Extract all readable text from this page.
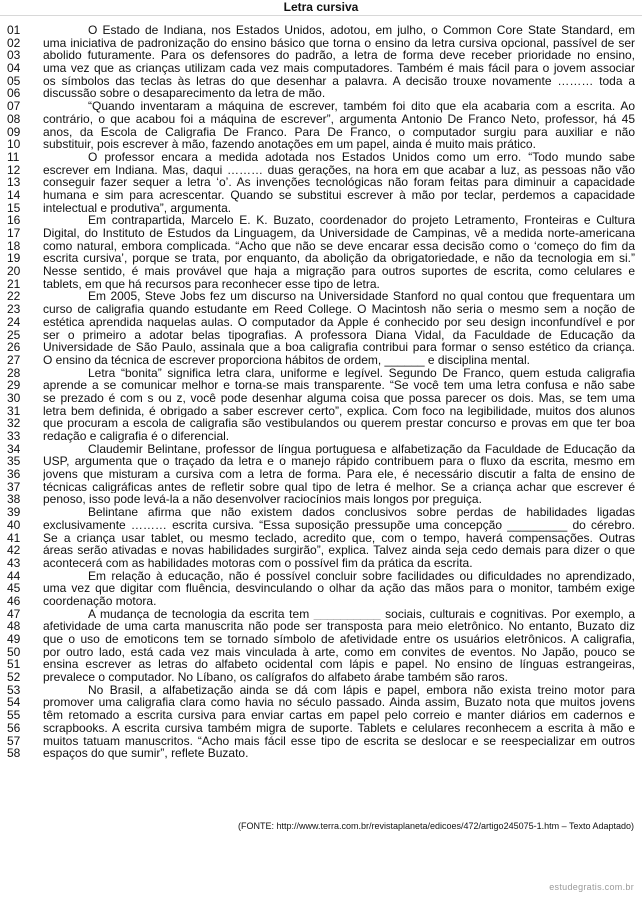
Letra cursiva
01	O Estado de Indiana, nos Estados Unidos, adotou, em julho, o Common Core State Standard, em
02	uma iniciativa de padronização do ensino básico que torna o ensino da letra cursiva opcional, passível de ser
03	abolido futuramente. Para os defensores do padrão, a letra de forma deve receber prioridade no ensino,
04	uma vez que as crianças utilizam cada vez mais computadores. Também é mais fácil para o jovem associar
05	os símbolos das teclas às letras do que desenhar a palavra. A decisão trouxe novamente ……… toda a
06	discussão sobre o desaparecimento da letra de mão.
07	“Quando inventaram a máquina de escrever, também foi dito que ela acabaria com a escrita. Ao
08	contrário, o que acabou foi a máquina de escrever”, argumenta Antonio De Franco Neto, professor, há 45
09	anos, da Escola de Caligrafia De Franco. Para De Franco, o computador surgiu para auxiliar e não
10	substituir, pois escrever à mão, fazendo anotações em um papel, ainda é muito mais prático.
11	O professor encara a medida adotada nos Estados Unidos como um erro. “Todo mundo sabe
12	escrever em Indiana. Mas, daqui ……… duas gerações, na hora em que acabar a luz, as pessoas não vão
13	conseguir fazer sequer a letra ‘o’. As invenções tecnológicas não foram feitas para diminuir a capacidade
14	humana e sim para acrescentar. Quando se substitui escrever à mão por teclar, perdemos a capacidade
15	intelectual e produtiva”, argumenta.
16	Em contrapartida, Marcelo E. K. Buzato, coordenador do projeto Letramento, Fronteiras e Cultura
17	Digital, do Instituto de Estudos da Linguagem, da Universidade de Campinas, vê a medida norte-americana
18	como natural, embora complicada. “Acho que não se deve encarar essa decisão como o ‘começo do fim da
19	escrita cursiva’, porque se trata, por enquanto, da abolição da obrigatoriedade, e não da tecnologia em si.”
20	Nesse sentido, é mais provável que haja a migração para outros suportes de escrita, como celulares e
21	tablets, em que há recursos para reconhecer esse tipo de letra.
22	Em 2005, Steve Jobs fez um discurso na Universidade Stanford no qual contou que frequentara um
23	curso de caligrafia quando estudante em Reed College. O Macintosh não seria o mesmo sem a noção de
24	estética aprendida naquelas aulas. O computador da Apple é conhecido por seu design inconfundível e por
25	ser o primeiro a adotar belas tipografias. A professora Diana Vidal, da Faculdade de Educação da
26	Universidade de São Paulo, assinala que a boa caligrafia contribui para formar o senso estético da criança.
27	O ensino da técnica de escrever proporciona hábitos de ordem, ______ e disciplina mental.
28	Letra “bonita” significa letra clara, uniforme e legível. Segundo De Franco, quem estuda caligrafia
29	aprende a se comunicar melhor e torna-se mais transparente. “Se você tem uma letra confusa e não sabe
30	se prezado é com s ou z, você pode desenhar alguma coisa que possa parecer os dois. Mas, se tem uma
31	letra bem definida, é obrigado a saber escrever certo”, explica. Com foco na legibilidade, muitos dos alunos
32	que procuram a escola de caligrafia são vestibulandos ou querem prestar concurso e provas em que ter boa
33	redação e caligrafia é o diferencial.
34	Claudemir Belintane, professor de língua portuguesa e alfabetização da Faculdade de Educação da
35	USP, argumenta que o traçado da letra e o manejo rápido contribuem para o fluxo da escrita, mesmo em
36	jovens que misturam a cursiva com a letra de forma. Para ele, é necessário discutir a falta de ensino de
37	técnicas caligráficas antes de refletir sobre qual tipo de letra é melhor. Se a criança achar que escrever é
38	penoso, isso pode levá-la a não desenvolver raciocínios mais longos por preguiça.
39	Belintane afirma que não existem dados conclusivos sobre perdas de habilidades ligadas
40	exclusivamente ……… escrita cursiva. “Essa suposição pressupõe uma concepção _________ do cérebro.
41	Se a criança usar tablet, ou mesmo teclado, acredito que, com o tempo, haverá compensações. Outras
42	áreas serão ativadas e novas habilidades surgirão”, explica. Talvez ainda seja cedo demais para dizer o que
43	acontecerá com as habilidades motoras com o possível fim da prática da escrita.
44	Em relação à educação, não é possível concluir sobre facilidades ou dificuldades no aprendizado,
45	uma vez que digitar com fluência, desvinculando o olhar da ação das mãos para o monitor, também exige
46	coordenação motora.
47	A mudança de tecnologia da escrita tem __________ sociais, culturais e cognitivas. Por exemplo, a
48	afetividade de uma carta manuscrita não pode ser transposta para meio eletrônico. No entanto, Buzato diz
49	que o uso de emoticons tem se tornado símbolo de afetividade entre os usuários eletrônicos. A caligrafia,
50	por outro lado, está cada vez mais vinculada à arte, como em convites de eventos. No Japão, pouco se
51	ensina escrever as letras do alfabeto ocidental com lápis e papel. No ensino de línguas estrangeiras,
52	prevalece o computador. No Líbano, os calígrafos do alfabeto árabe também são raros.
53	No Brasil, a alfabetização ainda se dá com lápis e papel, embora não exista treino motor para
54	promover uma caligrafia clara como havia no século passado. Ainda assim, Buzato nota que muitos jovens
55	têm retomado a escrita cursiva para enviar cartas em papel pelo correio e manter diários em cadernos e
56	scrapbooks. A escrita cursiva também migra de suporte. Tablets e celulares reconhecem a escrita à mão e
57	muitos tatuam manuscritos. “Acho mais fácil esse tipo de escrita se deslocar e se reespecializar em outros
58	espaços do que sumir”, reflete Buzato.
(FONTE: http://www.terra.com.br/revistaplaneta/edicoes/472/artigo245075-1.htm – Texto Adaptado)
estudegratis.com.br
